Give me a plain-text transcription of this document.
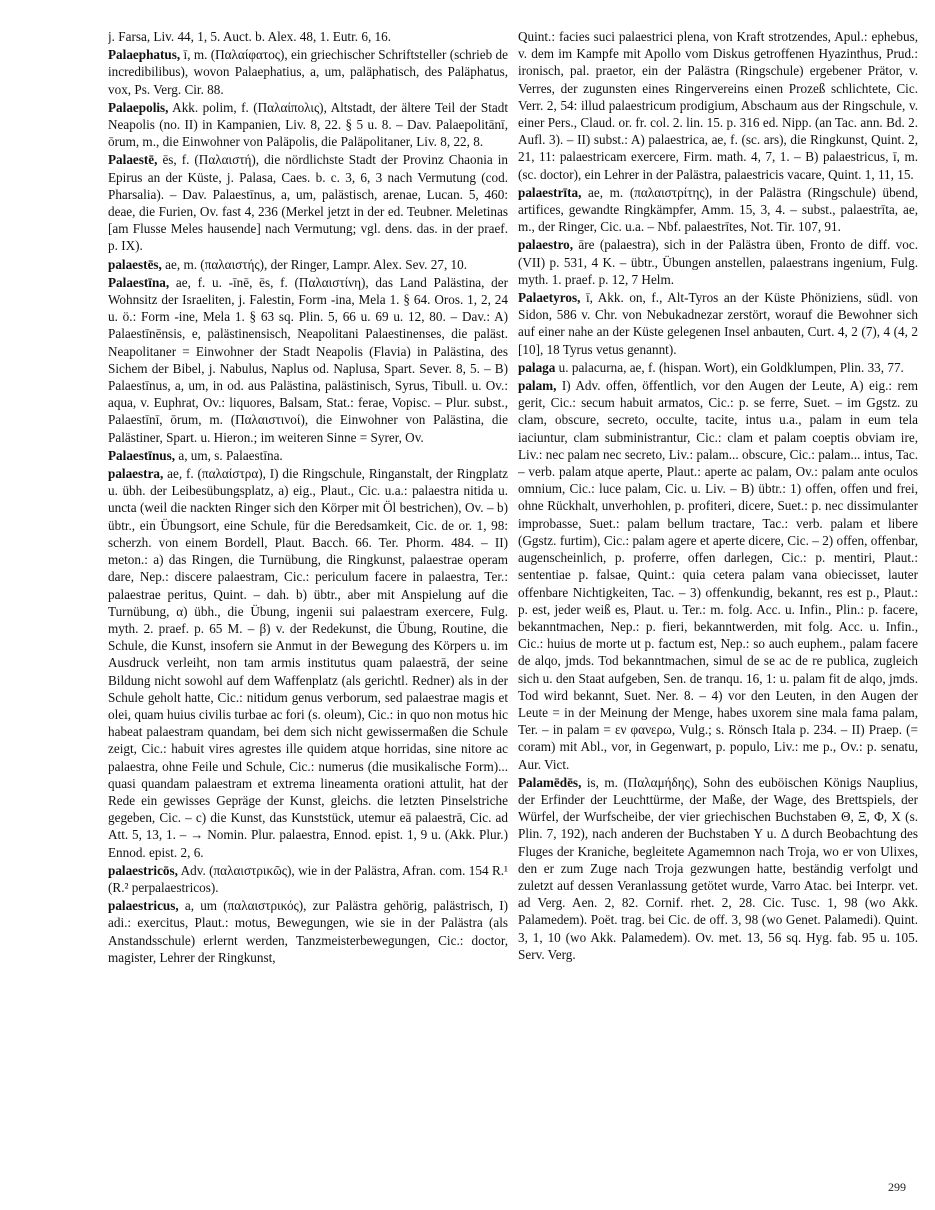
j. Farsa, Liv. 44, 1, 5. Auct. b. Alex. 48, 1. Eutr. 6, 16.

Palaephatus, ī, m. (Παλαίφατος), ein griechischer Schriftsteller (schrieb de incredibilibus), wovon Palaephatius, a, um, paläphatisch, des Paläphatus, vox, Ps. Verg. Cir. 88.

Palaepolis, Akk. polim, f. (Παλαίπολις), Altstadt, der ältere Teil der Stadt Neapolis (no. II) in Kampanien, Liv. 8, 22. § 5 u. 8. – Dav. Palaepolitānī, ōrum, m., die Einwohner von Paläpolis, die Paläpolitaner, Liv. 8, 22, 8.

Palaestē, ēs, f. (Παλαιστή), die nördlichste Stadt der Provinz Chaonia in Epirus an der Küste, j. Palasa, Caes. b. c. 3, 6, 3 nach Vermutung (cod. Pharsalia). – Dav. Palaestīnus, a, um, palästisch, arenae, Lucan. 5, 460: deae, die Furien, Ov. fast 4, 236 (Merkel jetzt in der ed. Teubner. Meletinas [am Flusse Meles hausende] nach Vermutung; vgl. dens. das. in der praef. p. IX).

palaestēs, ae, m. (παλαιστής), der Ringer, Lampr. Alex. Sev. 27, 10.

Palaestīna, ae, f. u. -īnē, ēs, f. (Παλαιστίνη), das Land Palästina, der Wohnsitz der Israeliten, j. Falestin, Form -ina, Mela 1. § 64. Oros. 1, 2, 24 u. ö.: Form -ine, Mela 1. § 63 sq. Plin. 5, 66 u. 69 u. 12, 80. – Dav.: A) Palaestīnēnsis, e, palästinensisch, Neapolitani Palaestinenses, die paläst. Neapolitaner = Einwohner der Stadt Neapolis (Flavia) in Palästina, des Sichem der Bibel, j. Nabulus, Naplus od. Naplusa, Spart. Sever. 8, 5. – B) Palaestīnus, a, um, in od. aus Palästina, palästinisch, Syrus, Tibull. u. Ov.: aqua, v. Euphrat, Ov.: liquores, Balsam, Stat.: ferae, Vopisc. – Plur. subst., Palaestīnī, ōrum, m. (Παλαιστινοί), die Einwohner von Palästina, die Palästiner, Spart. u. Hieron.; im weiteren Sinne = Syrer, Ov.

Palaestīnus, a, um, s. Palaestīna.

palaestra, ae, f. (παλαίστρα), I) die Ringschule, Ringanstalt, der Ringplatz u. übh. der Leibesübungsplatz, a) eig., Plaut., Cic. u.a.: palaestra nitida u. uncta (weil die nackten Ringer sich den Körper mit Öl bestrichen), Ov. – b) übtr., ein Übungsort, eine Schule, für die Beredsamkeit, Cic. de or. 1, 98: scherzh. von einem Bordell, Plaut. Bacch. 66. Ter. Phorm. 484. – II) meton.: a) das Ringen, die Turnübung, die Ringkunst, palaestrae operam dare, Nep.: discere palaestram, Cic.: periculum facere in palaestra, Ter.: palaestrae peritus, Quint. – dah. b) übtr., aber mit Anspielung auf die Turnübung, α) übh., die Übung, ingenii sui palaestram exercere, Fulg. myth. 2. praef. p. 65 M. – β) v. der Redekunst, die Übung, Routine, die Schule, die Kunst, insofern sie Anmut in der Bewegung des Körpers u. im Ausdruck verleiht, non tam armis institutus quam palaestrā, der seine Bildung nicht sowohl auf dem Waffenplatz (als gerichtl. Redner) als in der Schule geholt hatte, Cic.: nitidum genus verborum, sed palaestrae magis et olei, quam huius civilis turbae ac fori (s. oleum), Cic.: in quo non motus hic habeat palaestram quandam, bei dem sich nicht gewissermaßen die Schule zeigt, Cic.: habuit vires agrestes ille quidem atque horridas, sine nitore ac palaestra, ohne Feile und Schule, Cic.: numerus (die musikalische Form)... quasi quandam palaestram et extrema lineamenta orationi attulit, hat der Rede ein gewisses Gepräge der Kunst, gleichs. die letzten Pinselstriche gegeben, Cic. – c) die Kunst, das Kunststück, utemur eā palaestrā, Cic. ad Att. 5, 13, 1. – → Nomin. Plur. palaestra, Ennod. epist. 1, 9 u. (Akk. Plur.) Ennod. epist. 2, 6.

palaestricōs, Adv. (παλαιστρικῶς), wie in der Palästra, Afran. com. 154 R.¹ (R.² perpalaestricos).

palaestricus, a, um (παλαιστρικός), zur Palästra gehörig, palästrisch, I) adi.: exercitus, Plaut.: motus, Bewegungen, wie sie in der Palästra (als Anstandsschule) erlernt werden, Tanzmeisterbewegungen, Cic.: doctor, magister, Lehrer der Ringkunst,

Quint.: facies suci palaestrici plena, von Kraft strotzendes, Apul.: ephebus, v. dem im Kampfe mit Apollo vom Diskus getroffenen Hyazinthus, Prud.: ironisch, pal. praetor, ein der Palästra (Ringschule) ergebener Prätor, v. Verres, der zugunsten eines Ringervereins einen Prozeß schlichtete, Cic. Verr. 2, 54: illud palaestricum prodigium, Abschaum aus der Ringschule, v. einer Pers., Claud. or. fr. col. 2. lin. 15. p. 316 ed. Nipp. (an Tac. ann. Bd. 2. Aufl. 3). – II) subst.: A) palaestrica, ae, f. (sc. ars), die Ringkunst, Quint. 2, 21, 11: palaestricam exercere, Firm. math. 4, 7, 1. – B) palaestricus, ī, m. (sc. doctor), ein Lehrer in der Palästra, palaestricis vacare, Quint. 1, 11, 15.

palaestrīta, ae, m. (παλαιστρίτης), in der Palästra (Ringschule) übend, artifices, gewandte Ringkämpfer, Amm. 15, 3, 4. – subst., palaestrīta, ae, m., der Ringer, Cic. u.a. – Nbf. palaestrītes, Not. Tir. 107, 91.

palaestro, āre (palaestra), sich in der Palästra üben, Fronto de diff. voc. (VII) p. 531, 4 K. – übtr., Übungen anstellen, palaestrans ingenium, Fulg. myth. 1. praef. p. 12, 7 Helm.

Palaetyros, ī, Akk. on, f., Alt-Tyros an der Küste Phöniziens, südl. von Sidon, 586 v. Chr. von Nebukadnezar zerstört, worauf die Bewohner sich auf einer nahe an der Küste gelegenen Insel anbauten, Curt. 4, 2 (7), 4 (4, 2 [10], 18 Tyrus vetus genannt).

palaga u. palacurna, ae, f. (hispan. Wort), ein Goldklumpen, Plin. 33, 77.

palam, I) Adv. offen, öffentlich, vor den Augen der Leute, A) eig.: rem gerit, Cic.: secum habuit armatos, Cic.: p. se ferre, Suet. – im Ggstz. zu clam, obscure, secreto, occulte, tacite, intus u.a., palam in eum tela iaciuntur, clam subministrantur, Cic.: clam et palam coeptis obviam ire, Liv.: nec palam nec secreto, Liv.: palam... obscure, Cic.: palam... intus, Tac. – verb. palam atque aperte, Plaut.: aperte ac palam, Ov.: palam ante oculos omnium, Cic.: luce palam, Cic. u. Liv. – B) übtr.: 1) offen, offen und frei, ohne Rückhalt, unverhohlen, p. profiteri, dicere, Suet.: p. nec dissimulanter improbasse, Suet.: palam bellum tractare, Tac.: verb. palam et libere (Ggstz. furtim), Cic.: palam agere et aperte dicere, Cic. – 2) offen, offenbar, augenscheinlich, p. proferre, offen darlegen, Cic.: p. mentiri, Plaut.: sententiae p. falsae, Quint.: quia cetera palam vana obiecisset, lauter offenbare Nichtigkeiten, Tac. – 3) offenkundig, bekannt, res est p., Plaut.: p. est, jeder weiß es, Plaut. u. Ter.: m. folg. Acc. u. Infin., Plin.: p. facere, bekanntmachen, Nep.: p. fieri, bekanntwerden, mit folg. Acc. u. Infin., Cic.: huius de morte ut p. factum est, Nep.: so auch euphem., palam facere de alqo, jmds. Tod bekanntmachen, simul de se ac de re publica, zugleich sich u. den Staat aufgeben, Sen. de tranqu. 16, 1: u. palam fit de alqo, jmds. Tod wird bekannt, Suet. Ner. 8. – 4) vor den Leuten, in den Augen der Leute = in der Meinung der Menge, habes uxorem sine mala fama palam, Ter. – in palam = εν φανερω, Vulg.; s. Rönsch Itala p. 234. – II) Praep. (= coram) mit Abl., vor, in Gegenwart, p. populo, Liv.: me p., Ov.: p. senatu, Aur. Vict.

Palamēdēs, is, m. (Παλαμήδης), Sohn des euböischen Königs Nauplius, der Erfinder der Leuchttürme, der Maße, der Wage, des Brettspiels, der Würfel, der Wurfscheibe, der vier griechischen Buchstaben Θ, Ξ, Φ, Χ (s. Plin. 7, 192), nach anderen der Buchstaben Υ u. Δ durch Beobachtung des Fluges der Kraniche, begleitete Agamemnon nach Troja, wo er von Ulixes, den er zum Zuge nach Troja gezwungen hatte, beständig verfolgt und zuletzt auf dessen Veranlassung getötet wurde, Varro Atac. bei Interpr. vet. ad Verg. Aen. 2, 82. Cornif. rhet. 2, 28. Cic. Tusc. 1, 98 (wo Akk. Palamedem). Poët. trag. bei Cic. de off. 3, 98 (wo Genet. Palamedi). Quint. 3, 1, 10 (wo Akk. Palamedem). Ov. met. 13, 56 sq. Hyg. fab. 95 u. 105. Serv. Verg.

299
